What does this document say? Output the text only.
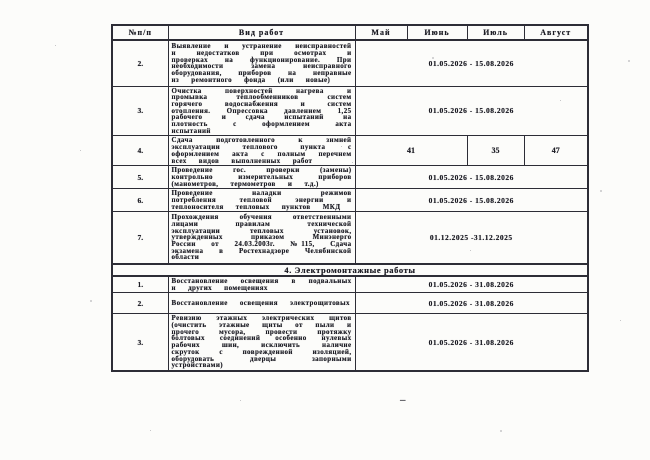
№п/п	Вид работ	Май	Июнь	Июль	Август
2.	Выявление и устранение неисправностей и недостатков при осмотрах и проверках на функционирование. При необходимости замена неисправного оборудования, приборов на неправные из ремонтного фонда (или новые)	01.05.2026 - 15.08.2026			
3.	Очистка поверхностей нагрева и промывка теплообменников систем горячего водоснабжения и систем отопления. Опрессовка давлением 1,25 рабочего и сдача испытаний на плотность с оформлением акта испытаний	01.05.2026 - 15.08.2026			
4.	Сдача подготовленного к зимней эксплуатации теплового пункта с оформлением акта с полным перечнем всех видов выполненных работ	41		35	47
5.	Проведение гос. проверки (замены) контрольно измерительных приборов (манометров, термометров и т.д.)	01.05.2026 - 15.08.2026			
6.	Проведение наладки режимов потребления тепловой энергии и теплоносителя тепловых пунктов МКД	01.05.2026 - 15.08.2026			
7.	Прохождения обучения ответственными лицами правилам технической эксплуатации тепловых установок, утвержденных приказом Минэнерго России от 24.03.2003г. №115, Сдача экзамена в Ростехнадзоре Челябинской области	01.12.2025 -31.12.2025			
4. Электромонтажные работы					
1.	Восстановление освещения в подвальных и других помещениях	01.05.2026 - 31.08.2026			
2.	Восстановление освещения электрощитовых	01.05.2026 - 31.08.2026			
3.	Ревизию этажных электрических щитов (очистить этажные щиты от пыли и прочего мусора, провести протяжку болтовых соединений особенно нулевых рабочих шин, исключить наличие скруток с поврежденной изоляцией, оборудовать дверцы запорными устройствами)	01.05.2026 - 31.08.2026			
–
